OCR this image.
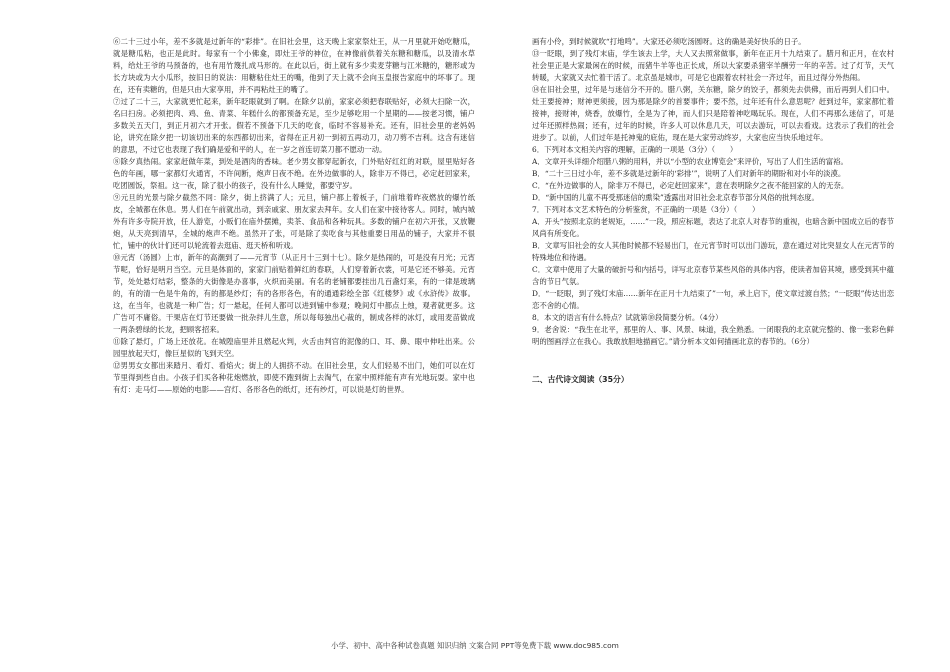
⑥二十三过小年，差不多就是过新年的“彩排”。在旧社会里，这天晚上家家祭灶王，从一月里就开始吃糖瓜，就是糖瓜粘，也正是此时。每家有一个小佛龛，即灶王爷的神位，在神像前供着关东糖和糖瓜，以及清水草料，给灶王爷的马预备的，也有用竹篾扎成马形的。在此以后，街上就有多少卖麦芽糖与江米糖的，糖形或为长方块或为大小瓜形，按旧日的说法：用糖粘住灶王的嘴，他到了天上就不会向玉皇报告家庭中的坏事了。现在，还有卖糖的，但是只由大家享用，并不再粘灶王的嘴了。

⑦过了二十三，大家就更忙起来，新年眨眼就到了啊。在除夕以前，家家必须把春联贴好，必须大扫除一次，名曰扫房。必须把肉、鸡、鱼、青菜、年糕什么的都预备充足，至少足够吃用一个星期的——按老习惯，铺户多数关五天门，到正月初六才开张。假若不预备下几天的吃食，临时不容易补充。还有，旧社会里的老妈妈论，讲究在除夕把一切该切出来的东西都切出来，省得在正月初一到初五再动刀，动刀剪不吉利。这含有迷信的意思，不过它也表现了我们确是爱和平的人，在一岁之首连切菜刀都不愿动一动。

⑧除夕真热闹。家家赶做年菜，到处是酒肉的香味。老少男女都穿起新衣，门外贴好红红的对联，屋里贴好各色的年画，哪一家都灯火通宵，不许间断，炮声日夜不绝。在外边做事的人，除非万不得已，必定赶回家来，吃团圆饭，祭祖。这一夜，除了很小的孩子，没有什么人睡觉，都要守岁。

⑨元旦的光景与除夕截然不同：除夕，街上挤满了人；元旦，铺户都上着板子，门前堆着昨夜燃放的爆竹纸皮，全城都在休息。男人们在午前就出动，到亲戚家、朋友家去拜年。女人们在家中接待客人。同时，城内城外有许多寺院开放，任人游览，小贩们在庙外摆摊，卖茶、食品和各种玩具。多数的铺户在初六开张，又放鞭炮，从天亮到清早，全城的炮声不绝。虽然开了张，可是除了卖吃食与其他重要日用品的铺子，大家并不很忙，铺中的伙计们还可以轮流着去逛庙、逛天桥和听戏。

⑩元宵（汤圆）上市，新年的高潮到了——元宵节（从正月十三到十七）。除夕是热闹的，可是没有月光；元宵节呢，恰好是明月当空。元旦是体面的，家家门前贴着鲜红的春联，人们穿着新衣裳，可是它还不够美。元宵节，处处悬灯结彩，整条的大街像是办喜事，火炽而美丽。有名的老铺都要挂出几百盏灯来，有的一律是玻璃的，有的清一色是牛角的，有的都是纱灯；有的各形各色，有的通通彩绘全部《红楼梦》或《水浒传》故事。这，在当年，也就是一种广告；灯一悬起，任何人都可以进到铺中参观；晚间灯中都点上烛，观者就更多。这广告可不庸俗。干果店在灯节还要做一批杂拌儿生意，所以每每独出心裁的，制成各样的冰灯，或用麦苗做成一两条碧绿的长龙，把顾客招来。

⑪除了悬灯，广场上还放花。在城隍庙里并且燃起火判，火舌由判官的泥像的口、耳、鼻、眼中伸吐出来。公园里放起天灯，像巨星似的飞到天空。

⑫男男女女都出来踏月、看灯、看焰火；街上的人拥挤不动。在旧社会里，女人们轻易不出门，她们可以在灯节里得到些自由。小孩子们买各种花炮燃放，即使不跑到街上去淘气，在家中照样能有声有光地玩耍。家中也有灯：走马灯——原始的电影——宫灯、各形各色的纸灯，还有纱灯，可以说是灯的世界。

画有小伶，到时候就吹“打地鸣”。大家还必须吃汤圆呀。这的确是美好快乐的日子。

⑬一眨眼，到了残灯末庙，学生该去上学，大人又去照常做事，新年在正月十九结束了。腊月和正月，在农村社会里正是大家最闲在的时候，而猪牛羊等也正长成，所以大家要杀猪宰羊酬劳一年的辛苦。过了灯节，天气转暖，大家就又去忙着干活了。北京虽是城市，可是它也跟着农村社会一齐过年，而且过得分外热闹。

⑭在旧社会里，过年是与迷信分不开的。腊八粥，关东糖，除夕的饺子，都须先去供佛，而后再到人们口中。灶王要接神；财神更须接，因为那是除夕的首要事件；要不然，过年还有什么意思呢？赶到过年，家家都忙着接神，接财神，烧香，放爆竹，全是为了神，而人们只是陪着神吃喝玩乐。现在，人们不再那么迷信了，可是过年还照样热闹；还有，过年的时候，许多人可以休息几天，可以去游玩，可以去看戏。这表示了我们的社会进步了。以前，人们过年是托神鬼的庇佑，现在是大家劳动终岁，大家也应当快乐地过年。

6．下列对本文相关内容的理解，正确的一项是（3分）（　　）

A．文章开头详细介绍腊八粥的用料，并以“小型的农业博览会”来评价，写出了人们生活的富裕。

B．“二十三日过小年，差不多就是过新年的‘彩排’”，说明了人们对新年的期盼和对小年的淡漠。

C．“在外边做事的人，除非万不得已，必定赶回家来”，意在表明除夕之夜不能回家的人的无奈。

D．“新中国的儿童不再受那迷信的熏染”透露出对旧社会北京春节部分风俗的批判态度。

7．下列对本文艺术特色的分析鉴赏，不正确的一项是（3分）（　　）

A．开头“按照北京的老规矩，……”一段，照应标题，表达了北京人对春节的重视，也暗含新中国成立后的春节风尚有所变化。

B．文章写旧社会的女人其他时候都不轻易出门，在元宵节时可以出门游玩，意在通过对比突显女人在元宵节的特殊地位和待遇。

C．文章中使用了大量的破折号和内括号，详写北京春节某些风俗的具体内容，使读者加倍其境，感受到其中蕴含的节日气氛。

D．“一眨眼，到了残灯末庙……新年在正月十九结束了”一句，承上启下，使文章过渡自然；“一眨眼”传达出恋恋不舍的心情。

8．本文的语言有什么特点？试就第⑩段简要分析。（4分）

9．老舍说：“我生在北平，那里的人、事、风景、味道，我全熟悉。一闭眼我的北京就完整的、像一张彩色鲜明的图画浮立在我心。我敢放胆地描画它。”请分析本文如何描画北京的春节的。（6分）

二、古代诗文阅读（35分）
小学、初中、高中各种试卷真题 知识归纳 文案合同 PPT等免费下载 www.doc985.com
